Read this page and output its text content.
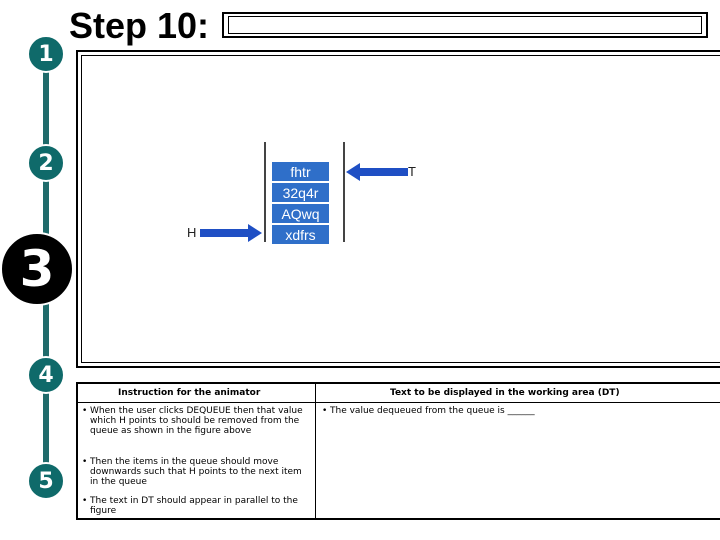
1
2
3
4
5
Step 10:
fhtr
32q4r
AQwq
xdfrs
T
H
Instruction for the animator	Text to be displayed in the working area (DT)
• When the user clicks DEQUEUE then that value which H points to should be removed from the queue as shown in the figure above
• Then the items in the queue should move downwards such that H points to the next item in the queue
• The text in DT should appear in parallel to the figure
• The value dequeued from the queue is ______
